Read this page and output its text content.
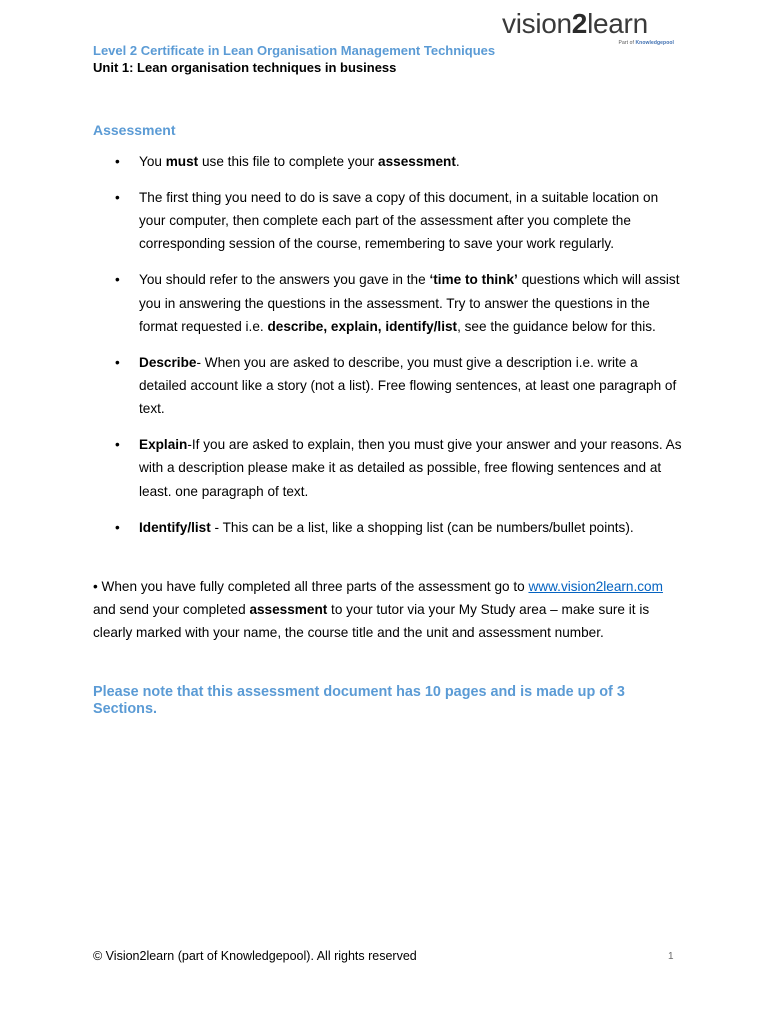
vision2learn
Part of Knowledgepool
Level 2 Certificate in Lean Organisation Management Techniques
Unit 1: Lean organisation techniques in business
Assessment
• You must use this file to complete your assessment.
• The first thing you need to do is save a copy of this document, in a suitable location on your computer, then complete each part of the assessment after you complete the corresponding session of the course, remembering to save your work regularly.
• You should refer to the answers you gave in the ‘time to think’ questions which will assist you in answering the questions in the assessment. Try to answer the questions in the format requested i.e. describe, explain, identify/list, see the guidance below for this.
• Describe- When you are asked to describe, you must give a description i.e. write a detailed account like a story (not a list). Free flowing sentences, at least one paragraph of text.
• Explain-If you are asked to explain, then you must give your answer and your reasons. As with a description please make it as detailed as possible, free flowing sentences and at least. one paragraph of text.
• Identify/list - This can be a list, like a shopping list (can be numbers/bullet points).

• When you have fully completed all three parts of the assessment go to www.vision2learn.com and send your completed assessment to your tutor via your My Study area – make sure it is clearly marked with your name, the course title and the unit and assessment number.

Please note that this assessment document has 10 pages and is made up of 3 Sections.

© Vision2learn (part of Knowledgepool). All rights reserved	1
